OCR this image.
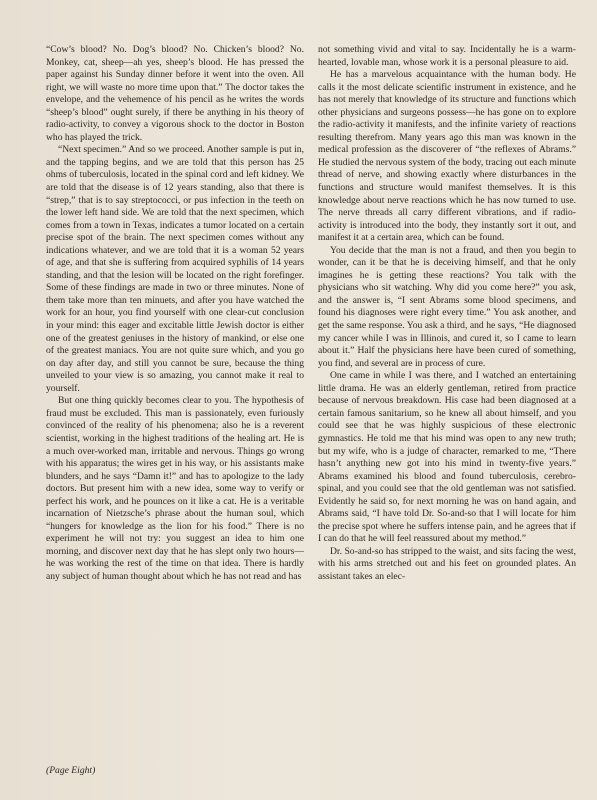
“Cow’s blood? No. Dog’s blood? No. Chicken’s blood? No. Monkey, cat, sheep—ah yes, sheep’s blood. He has pressed the paper against his Sunday dinner before it went into the oven. All right, we will waste no more time upon that.” The doctor takes the envelope, and the vehemence of his pencil as he writes the words “sheep’s blood” ought surely, if there be anything in his theory of radio-activity, to convey a vigorous shock to the doctor in Boston who has played the trick.

“Next specimen.” And so we proceed. Another sample is put in, and the tapping begins, and we are told that this person has 25 ohms of tuberculosis, located in the spinal cord and left kidney. We are told that the disease is of 12 years standing, also that there is “strep,” that is to say streptococci, or pus infection in the teeth on the lower left hand side. We are told that the next specimen, which comes from a town in Texas, indicates a tumor located on a certain precise spot of the brain. The next specimen comes without any indications whatever, and we are told that it is a woman 52 years of age, and that she is suffering from acquired syphilis of 14 years standing, and that the lesion will be located on the right forefinger. Some of these findings are made in two or three minutes. None of them take more than ten minuets, and after you have watched the work for an hour, you find yourself with one clear-cut conclusion in your mind: this eager and excitable little Jewish doctor is either one of the greatest geniuses in the history of mankind, or else one of the greatest maniacs. You are not quite sure which, and you go on day after day, and still you cannot be sure, because the thing unveiled to your view is so amazing, you cannot make it real to yourself.

But one thing quickly becomes clear to you. The hypothesis of fraud must be excluded. This man is passionately, even furiously convinced of the reality of his phenomena; also he is a reverent scientist, working in the highest traditions of the healing art. He is a much over-worked man, irritable and nervous. Things go wrong with his apparatus; the wires get in his way, or his assistants make blunders, and he says “Damn it!” and has to apologize to the lady doctors. But present him with a new idea, some way to verify or perfect his work, and he pounces on it like a cat. He is a veritable incarnation of Nietzsche’s phrase about the human soul, which “hungers for knowledge as the lion for his food.” There is no experiment he will not try: you suggest an idea to him one morning, and discover next day that he has slept only two hours—he was working the rest of the time on that idea. There is hardly any subject of human thought about which he has not read and has

not something vivid and vital to say. Incidentally he is a warm-hearted, lovable man, whose work it is a personal pleasure to aid.

He has a marvelous acquaintance with the human body. He calls it the most delicate scientific instrument in existence, and he has not merely that knowledge of its structure and functions which other physicians and surgeons possess—he has gone on to explore the radio-activity it manifests, and the infinite variety of reactions resulting therefrom. Many years ago this man was known in the medical profession as the discoverer of “the reflexes of Abrams.” He studied the nervous system of the body, tracing out each minute thread of nerve, and showing exactly where disturbances in the functions and structure would manifest themselves. It is this knowledge about nerve reactions which he has now turned to use. The nerve threads all carry different vibrations, and if radio-activity is introduced into the body, they instantly sort it out, and manifest it at a certain area, which can be found.

You decide that the man is not a fraud, and then you begin to wonder, can it be that he is deceiving himself, and that he only imagines he is getting these reactions? You talk with the physicians who sit watching. Why did you come here?” you ask, and the answer is, “I sent Abrams some blood specimens, and found his diagnoses were right every time.” You ask another, and get the same response. You ask a third, and he says, “He diagnosed my cancer while I was in Illinois, and cured it, so I came to learn about it.” Half the physicians here have been cured of something, you find, and several are in process of cure.

One came in while I was there, and I watched an entertaining little drama. He was an elderly gentleman, retired from practice because of nervous breakdown. His case had been diagnosed at a certain famous sanitarium, so he knew all about himself, and you could see that he was highly suspicious of these electronic gymnastics. He told me that his mind was open to any new truth; but my wife, who is a judge of character, remarked to me, “There hasn’t anything new got into his mind in twenty-five years.” Abrams examined his blood and found tuberculosis, cerebro-spinal, and you could see that the old gentleman was not satisfied. Evidently he said so, for next morning he was on hand again, and Abrams said, “I have told Dr. So-and-so that I will locate for him the precise spot where he suffers intense pain, and he agrees that if I can do that he will feel reassured about my method.”

Dr. So-and-so has stripped to the waist, and sits facing the west, with his arms stretched out and his feet on grounded plates. An assistant takes an elec-

(Page Eight)
